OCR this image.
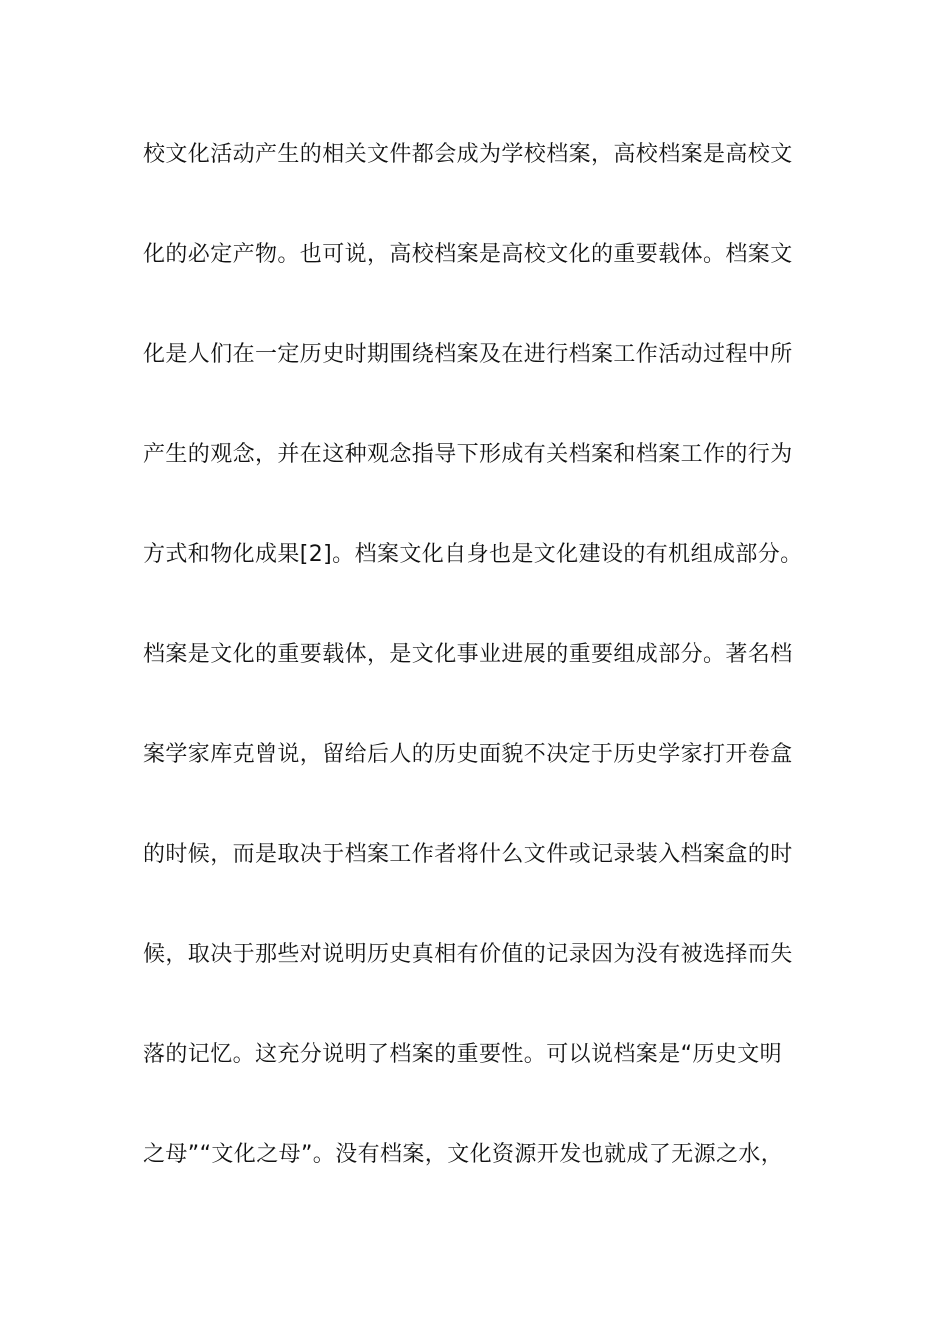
校文化活动产生的相关文件都会成为学校档案，高校档案是高校文
化的必定产物。也可说，高校档案是高校文化的重要载体。档案文
化是人们在一定历史时期围绕档案及在进行档案工作活动过程中所
产生的观念，并在这种观念指导下形成有关档案和档案工作的行为
方式和物化成果[2]。档案文化自身也是文化建设的有机组成部分。
档案是文化的重要载体，是文化事业进展的重要组成部分。著名档
案学家库克曾说，留给后人的历史面貌不决定于历史学家打开卷盒
的时候，而是取决于档案工作者将什么文件或记录装入档案盒的时
候，取决于那些对说明历史真相有价值的记录因为没有被选择而失
落的记忆。这充分说明了档案的重要性。可以说档案是“历史文明
之母”“文化之母”。没有档案，文化资源开发也就成了无源之水，
